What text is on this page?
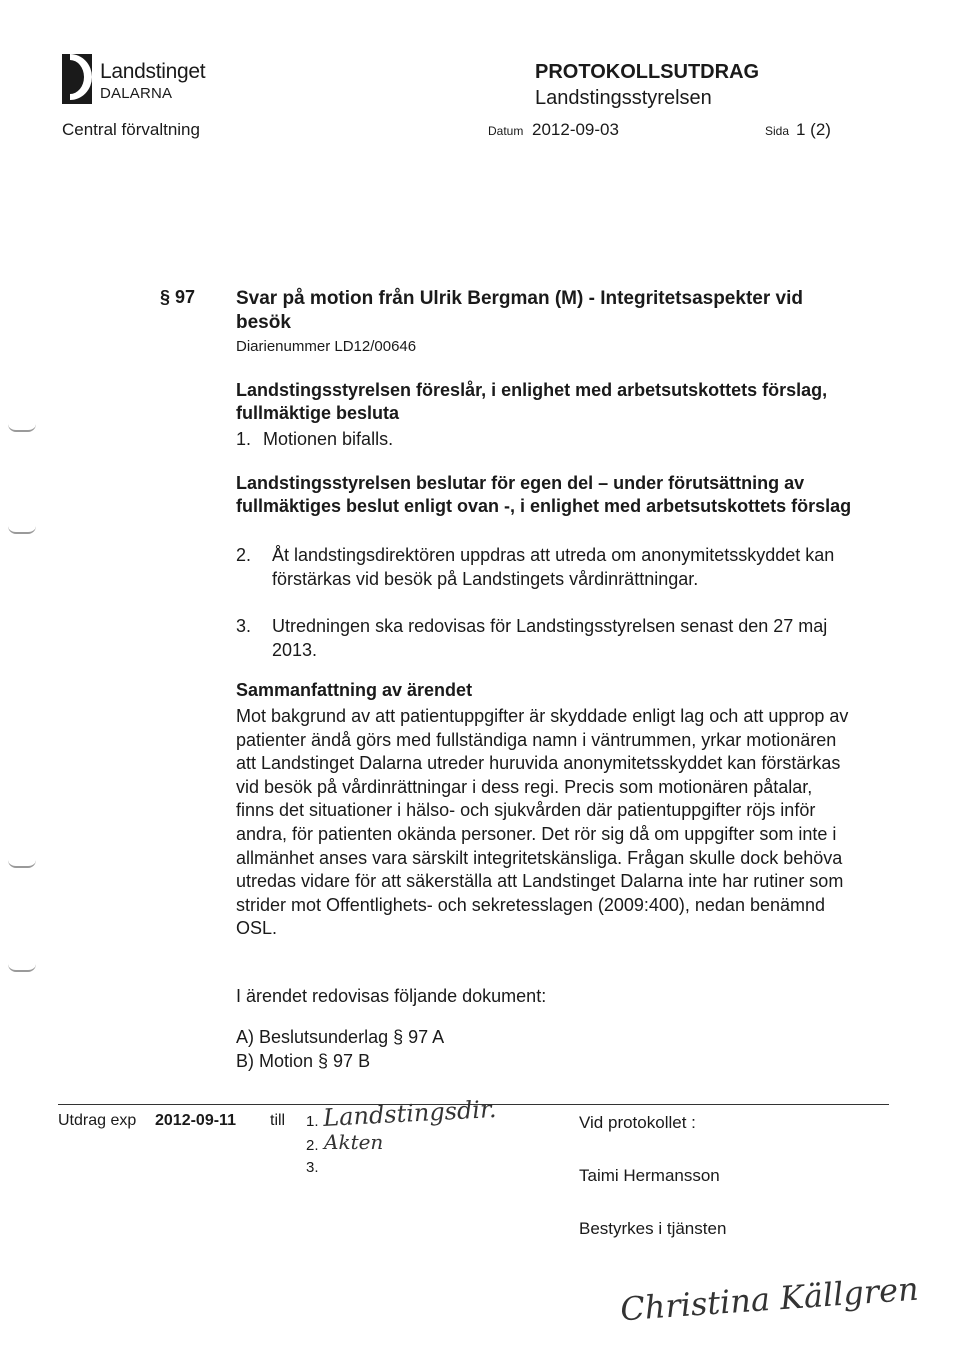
Landstinget
DALARNA
PROTOKOLLSUTDRAG
Landstingsstyrelsen
Central förvaltning	Datum 2012-09-03	Sida 1 (2)
§ 97 Svar på motion från Ulrik Bergman (M) - Integritetsaspekter vid besök
Diarienummer LD12/00646
Landstingsstyrelsen föreslår, i enlighet med arbetsutskottets förslag, fullmäktige besluta
1. Motionen bifalls.
Landstingsstyrelsen beslutar för egen del – under förutsättning av fullmäktiges beslut enligt ovan -, i enlighet med arbetsutskottets förslag
2. Åt landstingsdirektören uppdras att utreda om anonymitetsskyddet kan förstärkas vid besök på Landstingets vårdinrättningar.
3. Utredningen ska redovisas för Landstingsstyrelsen senast den 27 maj 2013.
Sammanfattning av ärendet
Mot bakgrund av att patientuppgifter är skyddade enligt lag och att upprop av patienter ändå görs med fullständiga namn i väntrummen, yrkar motionären att Landstinget Dalarna utreder huruvida anonymitetsskyddet kan förstärkas vid besök på vårdinrättningar i dess regi. Precis som motionären påtalar, finns det situationer i hälso- och sjukvården där patientuppgifter röjs inför andra, för patienten okända personer. Det rör sig då om uppgifter som inte i allmänhet anses vara särskilt integritetskänsliga. Frågan skulle dock behöva utredas vidare för att säkerställa att Landstinget Dalarna inte har rutiner som strider mot Offentlighets- och sekretesslagen (2009:400), nedan benämnd OSL.
I ärendet redovisas följande dokument:
A) Beslutsunderlag § 97 A
B) Motion § 97 B
Utdrag exp 2012-09-11 till 1. Landstingsdir.
2. Akten
3.
Vid protokollet :
Taimi Hermansson
Bestyrkes i tjänsten
Christina Källgren
